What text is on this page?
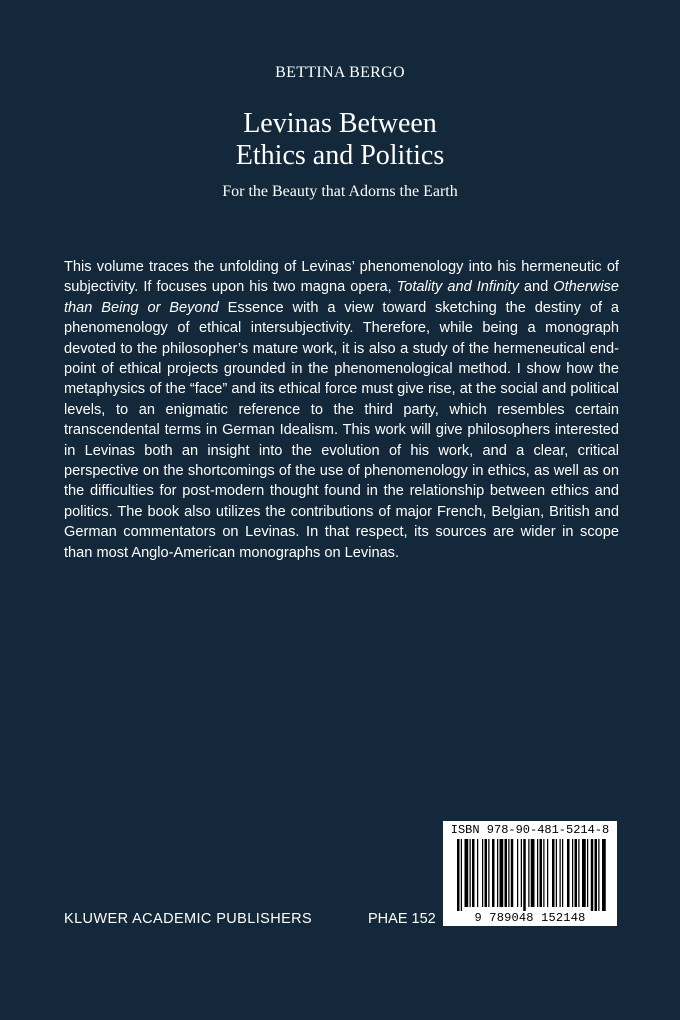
BETTINA BERGO
Levinas Between
Ethics and Politics
For the Beauty that Adorns the Earth

This volume traces the unfolding of Levinas’ phenomenology into his hermeneutic of subjectivity. If focuses upon his two magna opera, Totality and Infinity and Otherwise than Being or Beyond Essence with a view toward sketching the destiny of a phenomenology of ethical intersubjectivity. Therefore, while being a monograph devoted to the philosopher’s mature work, it is also a study of the hermeneutical end-point of ethical projects grounded in the phenomenological method. I show how the metaphysics of the “face” and its ethical force must give rise, at the social and political levels, to an enigmatic reference to the third party, which resembles certain transcendental terms in German Idealism. This work will give philosophers interested in Levinas both an insight into the evolution of his work, and a clear, critical perspective on the shortcomings of the use of phenomenology in ethics, as well as on the difficulties for post-modern thought found in the relationship between ethics and politics. The book also utilizes the contributions of major French, Belgian, British and German commentators on Levinas. In that respect, its sources are wider in scope than most Anglo-American monographs on Levinas.

KLUWER ACADEMIC PUBLISHERS	PHAE 152
ISBN 978-90-481-5214-8
9 789048 152148
